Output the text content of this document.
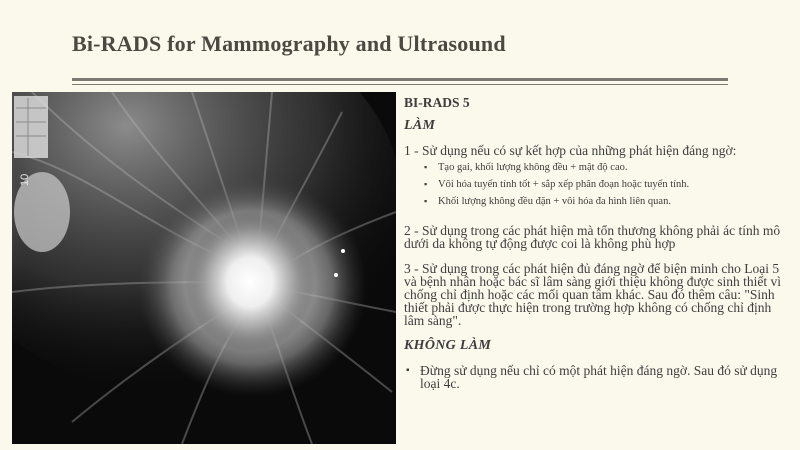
Bi-RADS for Mammography and Ultrasound
10
BI-RADS 5
LÀM

1 - Sử dụng nếu có sự kết hợp của những phát hiện đáng ngờ:

▪ Tạo gai, khối lượng không đều + mật độ cao.
▪ Vôi hóa tuyến tính tốt + sắp xếp phân đoạn hoặc tuyến tính.
▪ Khối lượng không đều đặn + vôi hóa đa hình liên quan.

2 - Sử dụng trong các phát hiện mà tổn thương không phải ác tính mô dưới da không tự động được coi là không phù hợp

3 - Sử dụng trong các phát hiện đủ đáng ngờ để biện minh cho Loại 5 và bệnh nhân hoặc bác sĩ lâm sàng giới thiệu không được sinh thiết vì chống chỉ định hoặc các mối quan tâm khác. Sau đó thêm câu: "Sinh thiết phải được thực hiện trong trường hợp không có chống chỉ định lâm sàng".

KHÔNG LÀM
▪ Đừng sử dụng nếu chỉ có một phát hiện đáng ngờ. Sau đó sử dụng loại 4c.
